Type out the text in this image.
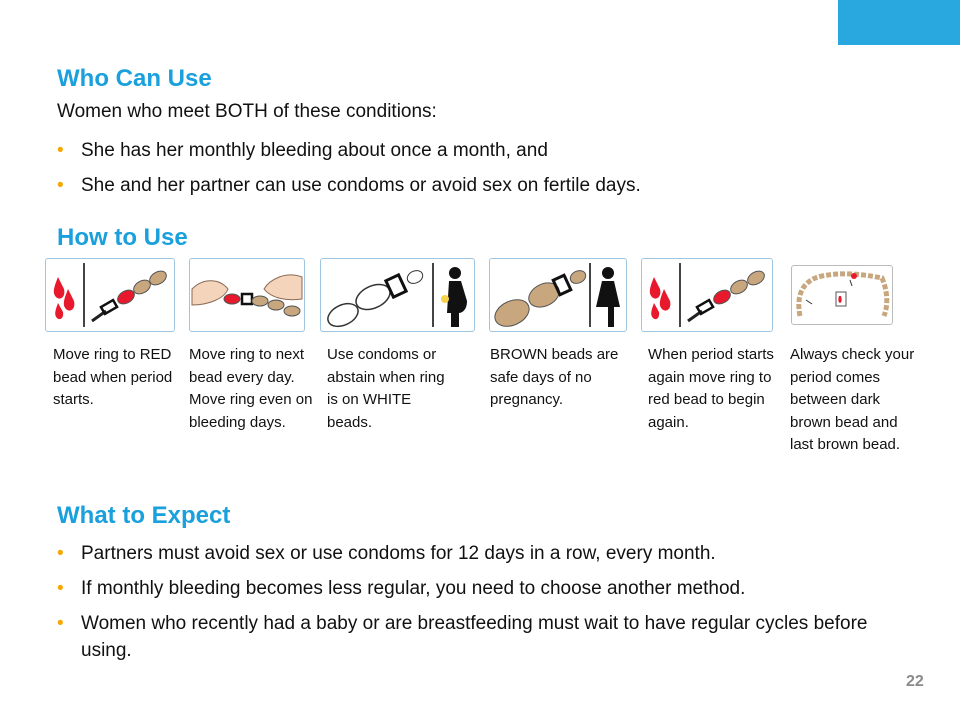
Who Can Use

Women who meet BOTH of these conditions:

• She has her monthly bleeding about once a month, and
• She and her partner can use condoms or avoid sex on fertile days.
How to Use

Move ring to RED bead when period starts.

Move ring to next bead every day. Move ring even on bleeding days.

Use condoms or abstain when ring is on WHITE beads.

BROWN beads are safe days of no pregnancy.

When period starts again move ring to red bead to begin again.

Always check your period comes between dark brown bead and last brown bead.

What to Expect
• Partners must avoid sex or use condoms for 12 days in a row, every month.
• If monthly bleeding becomes less regular, you need to choose another method.
• Women who recently had a baby or are breastfeeding must wait to have regular cycles before using.
22
